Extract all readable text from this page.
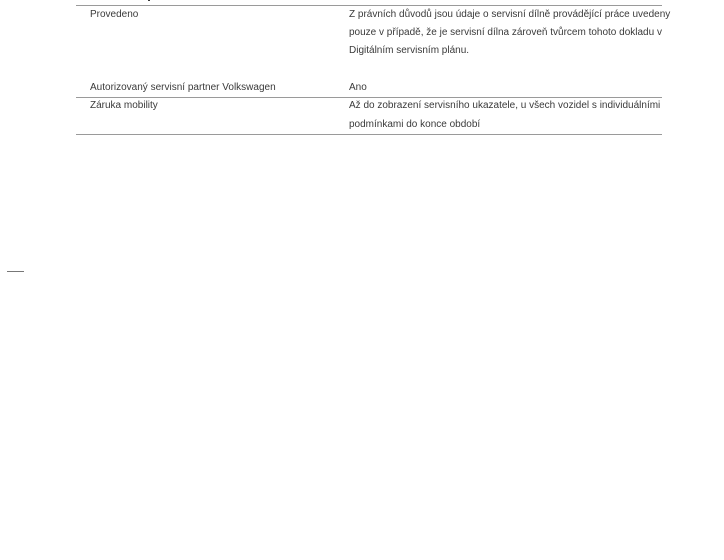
Provedeno	Z právních důvodů jsou údaje o servisní dílně provádějící práce uvedeny
pouze v případě, že je servisní dílna zároveň tvůrcem tohoto dokladu v
Digitálním servisním plánu.
Autorizovaný servisní partner Volkswagen	Ano
Záruka mobility	Až do zobrazení servisního ukazatele, u všech vozidel s individuálními
podmínkami do konce období
